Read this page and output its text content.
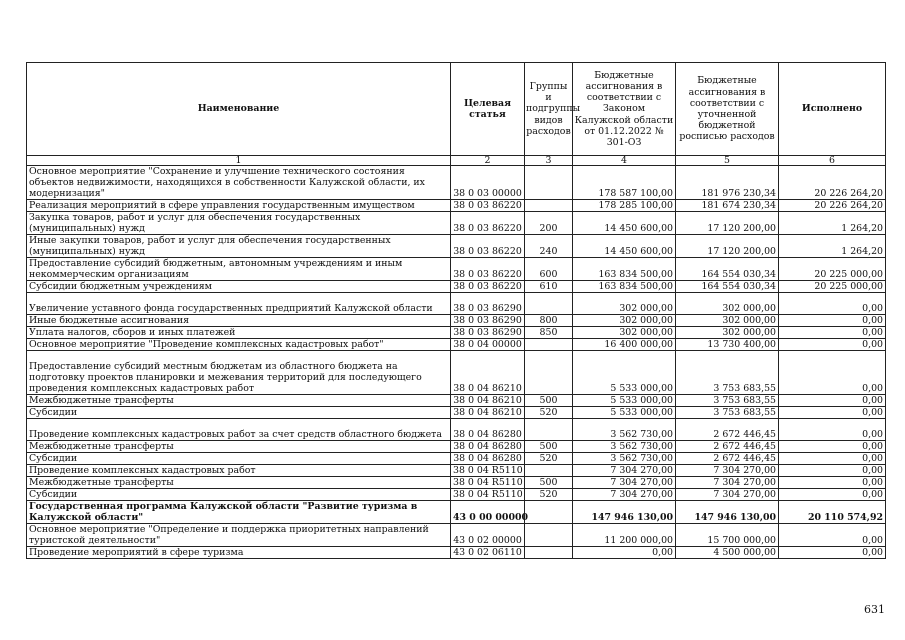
Наименование	Целевая статья	Группы и подгруппы видов расходов	Бюджетные ассигнования в соответствии с Законом Калужской области от 01.12.2022 № 301-ОЗ	Бюджетные ассигнования в соответствии с уточненной бюджетной росписью расходов	Исполнено
1	2	3	4	5	6
Основное мероприятие "Сохранение и улучшение технического состояния объектов недвижимости, находящихся в собственности Калужской области, их модернизация"	38 0 03 00000		178 587 100,00	181 976 230,34	20 226 264,20
Реализация мероприятий в сфере управления государственным имуществом	38 0 03 86220		178 285 100,00	181 674 230,34	20 226 264,20
Закупка товаров, работ и услуг для обеспечения государственных (муниципальных) нужд	38 0 03 86220	200	14 450 600,00	17 120 200,00	1 264,20
Иные закупки товаров, работ и услуг для обеспечения государственных (муниципальных) нужд	38 0 03 86220	240	14 450 600,00	17 120 200,00	1 264,20
Предоставление субсидий бюджетным, автономным учреждениям и иным некоммерческим организациям	38 0 03 86220	600	163 834 500,00	164 554 030,34	20 225 000,00
Субсидии бюджетным учреждениям	38 0 03 86220	610	163 834 500,00	164 554 030,34	20 225 000,00
Увеличение уставного фонда государственных предприятий Калужской области	38 0 03 86290		302 000,00	302 000,00	0,00
Иные бюджетные ассигнования	38 0 03 86290	800	302 000,00	302 000,00	0,00
Уплата налогов, сборов и иных платежей	38 0 03 86290	850	302 000,00	302 000,00	0,00
Основное мероприятие "Проведение комплексных кадастровых работ"	38 0 04 00000		16 400 000,00	13 730 400,00	0,00
Предоставление субсидий местным бюджетам из областного бюджета на подготовку проектов планировки и межевания территорий для последующего проведения комплексных кадастровых работ	38 0 04 86210		5 533 000,00	3 753 683,55	0,00
Межбюджетные трансферты	38 0 04 86210	500	5 533 000,00	3 753 683,55	0,00
Субсидии	38 0 04 86210	520	5 533 000,00	3 753 683,55	0,00
Проведение комплексных кадастровых работ за счет средств областного бюджета	38 0 04 86280		3 562 730,00	2 672 446,45	0,00
Межбюджетные трансферты	38 0 04 86280	500	3 562 730,00	2 672 446,45	0,00
Субсидии	38 0 04 86280	520	3 562 730,00	2 672 446,45	0,00
Проведение комплексных кадастровых работ	38 0 04 R5110		7 304 270,00	7 304 270,00	0,00
Межбюджетные трансферты	38 0 04 R5110	500	7 304 270,00	7 304 270,00	0,00
Субсидии	38 0 04 R5110	520	7 304 270,00	7 304 270,00	0,00
Государственная программа Калужской области "Развитие туризма в Калужской области"	43 0 00 00000		147 946 130,00	147 946 130,00	20 110 574,92
Основное мероприятие "Определение и поддержка приоритетных направлений туристской деятельности"	43 0 02 00000		11 200 000,00	15 700 000,00	0,00
Проведение мероприятий в сфере туризма	43 0 02 06110		0,00	4 500 000,00	0,00
631
